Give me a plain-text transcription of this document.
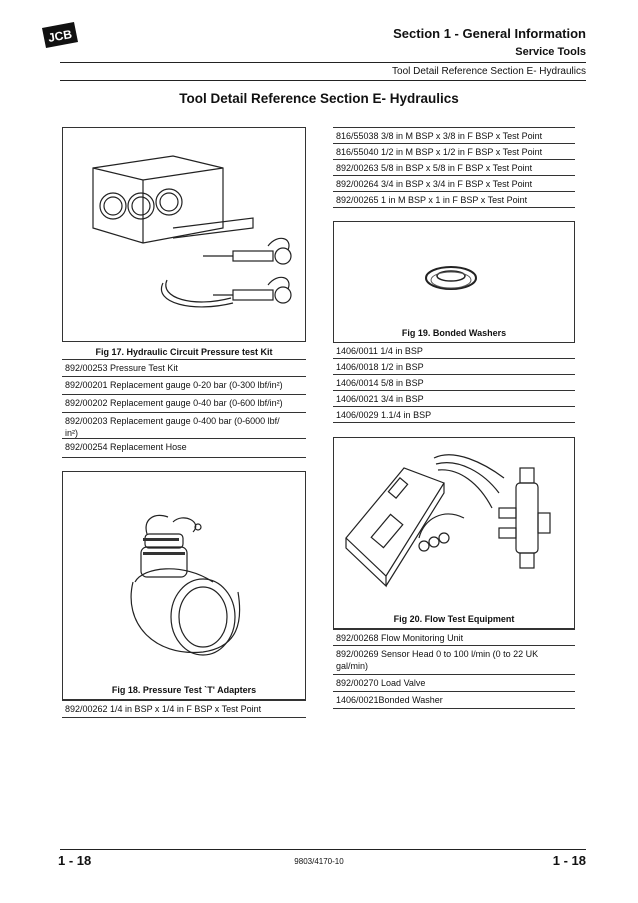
JCB	Section 1 - General Information
Service Tools
Tool Detail Reference Section E- Hydraulics
Tool Detail Reference Section E- Hydraulics
892/00253 Pressure Test Kit
892/00201 Replacement gauge 0-20 bar (0-300 lbf/in²)
892/00202 Replacement gauge 0-40 bar (0-600 lbf/in²)
892/00203 Replacement gauge 0-400 bar (0-6000 lbf/
in²)
892/00254 Replacement Hose
Fig 17. Hydraulic Circuit Pressure test Kit
816/55038 3/8 in M BSP x 3/8 in F BSP x Test Point
816/55040 1/2 in M BSP x 1/2 in F BSP x Test Point
892/00263 5/8 in BSP x 5/8 in F BSP x Test Point
892/00264 3/4 in BSP x 3/4 in F BSP x Test Point
892/00265 1 in M BSP x 1 in F BSP x Test Point
Fig 19. Bonded Washers
1406/0011 1/4 in BSP
1406/0018 1/2 in BSP
1406/0014 5/8 in BSP
1406/0021 3/4 in BSP
1406/0029 1.1/4 in BSP
Fig 18. Pressure Test `T' Adapters
892/00262 1/4 in BSP x 1/4 in F BSP x Test Point
Fig 20. Flow Test Equipment
892/00268 Flow Monitoring Unit
892/00269 Sensor Head 0 to 100 l/min (0 to 22 UK
gal/min)
892/00270 Load Valve
1406/0021Bonded Washer
1 - 18	9803/4170-10	1 - 18
